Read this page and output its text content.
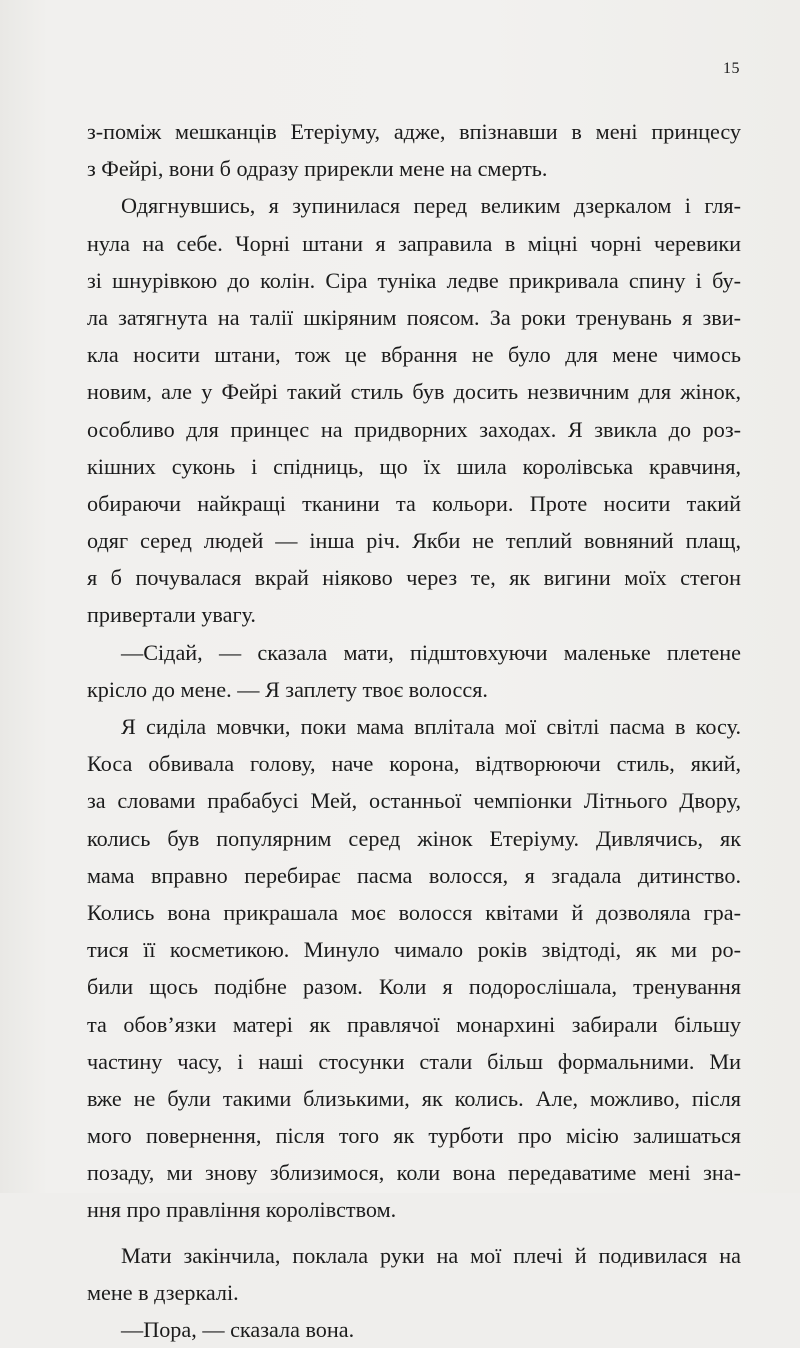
15
з-поміж мешканців Етеріуму, адже, впізнавши в мені принцесу
з Фейрі, вони б одразу прирекли мене на смерть.
Одягнувшись, я зупинилася перед великим дзеркалом і гля-
нула на себе. Чорні штани я заправила в міцні чорні черевики
зі шнурівкою до колін. Сіра туніка ледве прикривала спину і бу-
ла затягнута на талії шкіряним поясом. За роки тренувань я зви-
кла носити штани, тож це вбрання не було для мене чимось
новим, але у Фейрі такий стиль був досить незвичним для жінок,
особливо для принцес на придворних заходах. Я звикла до роз-
кішних суконь і спідниць, що їх шила королівська кравчиня,
обираючи найкращі тканини та кольори. Проте носити такий
одяг серед людей — інша річ. Якби не теплий вовняний плащ,
я б почувалася вкрай ніяково через те, як вигини моїх стегон
привертали увагу.
—Сідай, — сказала мати, підштовхуючи маленьке плетене
крісло до мене. — Я заплету твоє волосся.
Я сиділа мовчки, поки мама вплітала мої світлі пасма в косу.
Коса обвивала голову, наче корона, відтворюючи стиль, який,
за словами прабабусі Мей, останньої чемпіонки Літнього Двору,
колись був популярним серед жінок Етеріуму. Дивлячись, як
мама вправно перебирає пасма волосся, я згадала дитинство.
Колись вона прикрашала моє волосся квітами й дозволяла гра-
тися її косметикою. Минуло чимало років звідтоді, як ми ро-
били щось подібне разом. Коли я подорослішала, тренування
та обов’язки матері як правлячої монархині забирали більшу
частину часу, і наші стосунки стали більш формальними. Ми
вже не були такими близькими, як колись. Але, можливо, після
мого повернення, після того як турботи про місію залишаться
позаду, ми знову зблизимося, коли вона передаватиме мені зна-
ння про правління королівством.
Мати закінчила, поклала руки на мої плечі й подивилася на
мене в дзеркалі.
—Пора, — сказала вона.
